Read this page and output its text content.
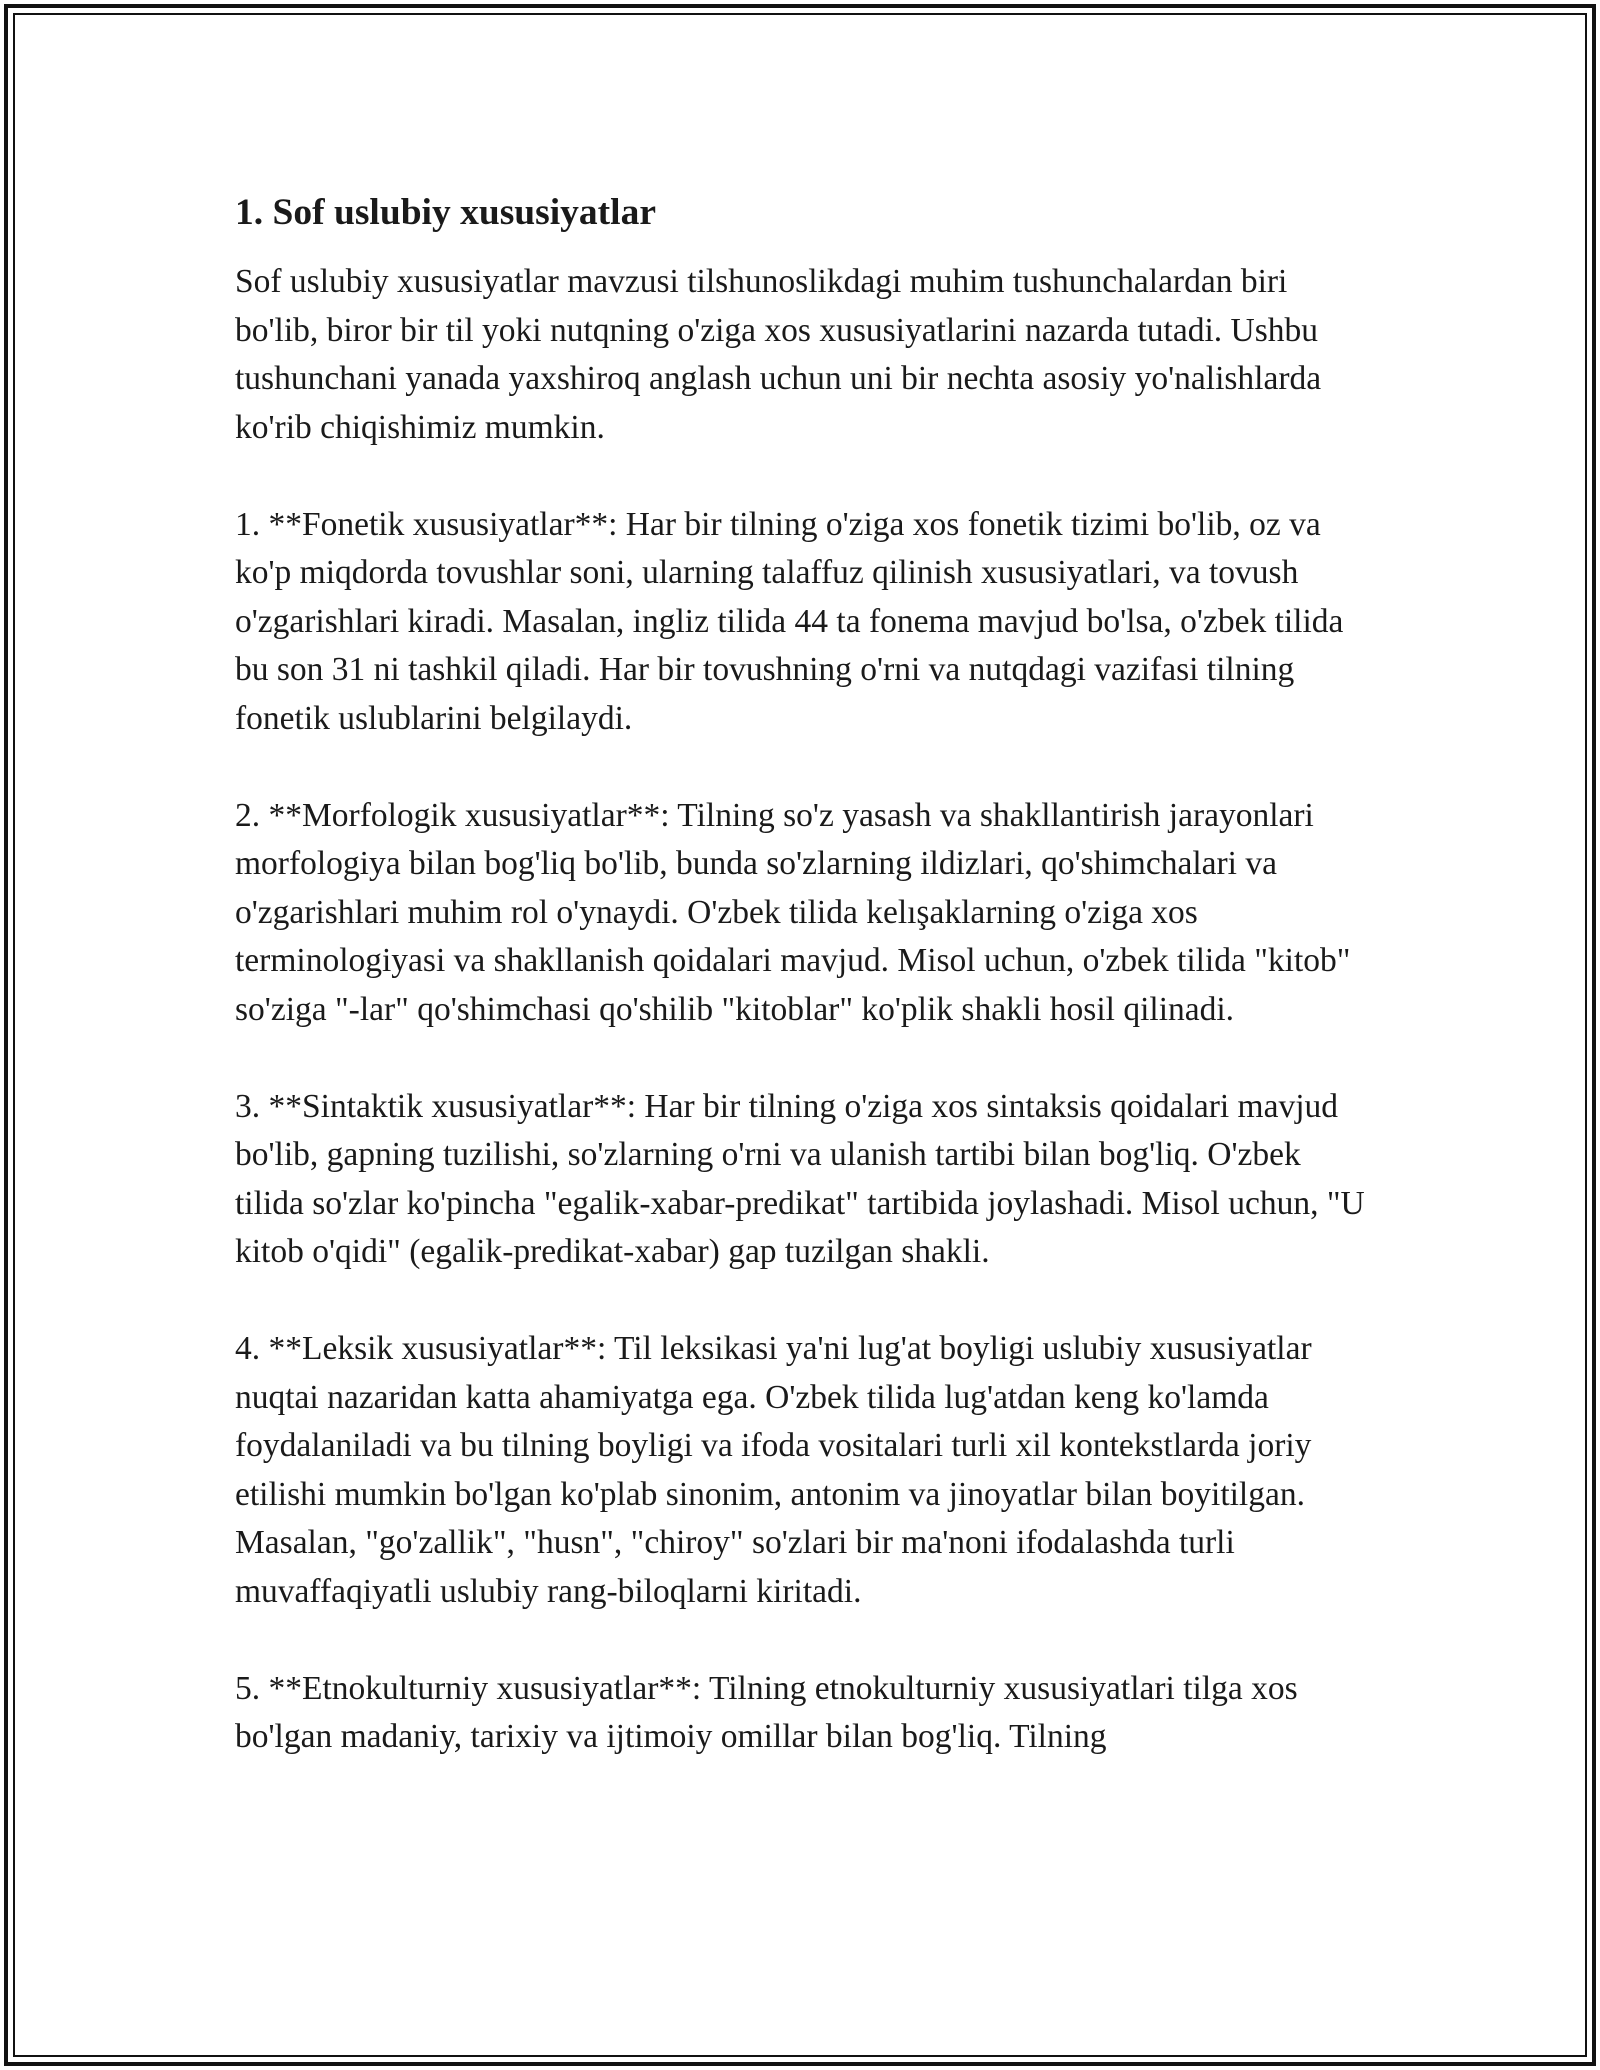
1. Sof uslubiy xususiyatlar

Sof uslubiy xususiyatlar mavzusi tilshunoslikdagi muhim tushunchalardan biri bo'lib, biror bir til yoki nutqning o'ziga xos xususiyatlarini nazarda tutadi. Ushbu tushunchani yanada yaxshiroq anglash uchun uni bir nechta asosiy yo'nalishlarda ko'rib chiqishimiz mumkin.

1. **Fonetik xususiyatlar**: Har bir tilning o'ziga xos fonetik tizimi bo'lib, oz va ko'p miqdorda tovushlar soni, ularning talaffuz qilinish xususiyatlari, va tovush o'zgarishlari kiradi. Masalan, ingliz tilida 44 ta fonema mavjud bo'lsa, o'zbek tilida bu son 31 ni tashkil qiladi. Har bir tovushning o'rni va nutqdagi vazifasi tilning fonetik uslublarini belgilaydi.

2. **Morfologik xususiyatlar**: Tilning so'z yasash va shakllantirish jarayonlari morfologiya bilan bog'liq bo'lib, bunda so'zlarning ildizlari, qo'shimchalari va o'zgarishlari muhim rol o'ynaydi. O'zbek tilida kelışaklarning o'ziga xos terminologiyasi va shakllanish qoidalari mavjud. Misol uchun, o'zbek tilida "kitob" so'ziga "-lar" qo'shimchasi qo'shilib "kitoblar" ko'plik shakli hosil qilinadi.

3. **Sintaktik xususiyatlar**: Har bir tilning o'ziga xos sintaksis qoidalari mavjud bo'lib, gapning tuzilishi, so'zlarning o'rni va ulanish tartibi bilan bog'liq. O'zbek tilida so'zlar ko'pincha "egalik-xabar-predikat" tartibida joylashadi. Misol uchun, "U kitob o'qidi" (egalik-predikat-xabar) gap tuzilgan shakli.

4. **Leksik xususiyatlar**: Til leksikasi ya'ni lug'at boyligi uslubiy xususiyatlar nuqtai nazaridan katta ahamiyatga ega. O'zbek tilida lug'atdan keng ko'lamda foydalaniladi va bu tilning boyligi va ifoda vositalari turli xil kontekstlarda joriy etilishi mumkin bo'lgan ko'plab sinonim, antonim va jinoyatlar bilan boyitilgan. Masalan, "go'zallik", "husn", "chiroy" so'zlari bir ma'noni ifodalashda turli muvaffaqiyatli uslubiy rang-biloqlarni kiritadi.

5. **Etnokulturniy xususiyatlar**: Tilning etnokulturniy xususiyatlari tilga xos bo'lgan madaniy, tarixiy va ijtimoiy omillar bilan bog'liq. Tilning
